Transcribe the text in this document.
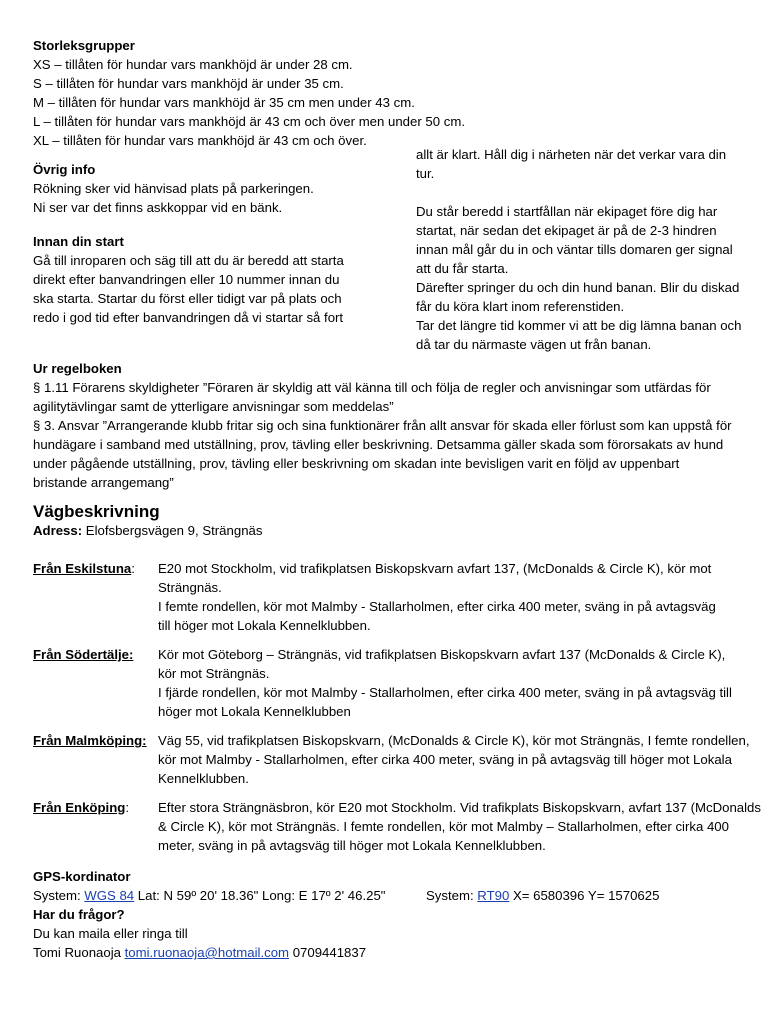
Storleksgrupper

XS – tillåten för hundar vars mankhöjd är under 28 cm.

S – tillåten för hundar vars mankhöjd är under 35 cm.

M – tillåten för hundar vars mankhöjd är 35 cm men under 43 cm.

L – tillåten för hundar vars mankhöjd är 43 cm och över men under 50 cm.

XL – tillåten för hundar vars mankhöjd är 43 cm och över.

Övrig info

Rökning sker vid hänvisad plats på parkeringen.

Ni ser var det finns askkoppar vid en bänk.

Innan din start

Gå till inroparen och säg till att du är beredd att starta

direkt efter banvandringen eller 10 nummer innan du

ska starta. Startar du först eller tidigt var på plats och

redo i god tid efter banvandringen då vi startar så fort

allt är klart. Håll dig i närheten när det verkar vara din

tur.

Du står beredd i startfållan när ekipaget före dig har

startat, när sedan det ekipaget är på de 2-3 hindren

innan mål går du in och väntar tills domaren ger signal

att du får starta.

Därefter springer du och din hund banan. Blir du diskad

får du köra klart inom referenstiden.

Tar det längre tid kommer vi att be dig lämna banan och

då tar du närmaste vägen ut från banan.

Ur regelboken

§ 1.11 Förarens skyldigheter ”Föraren är skyldig att väl känna till och följa de regler och anvisningar som utfärdas för

agilitytävlingar samt de ytterligare anvisningar som meddelas”

§ 3. Ansvar ”Arrangerande klubb fritar sig och sina funktionärer från allt ansvar för skada eller förlust som kan uppstå för

hundägare i samband med utställning, prov, tävling eller beskrivning. Detsamma gäller skada som förorsakats av hund

under pågående utställning, prov, tävling eller beskrivning om skadan inte bevisligen varit en följd av uppenbart

bristande arrangemang”

Vägbeskrivning

Adress: Elofsbergsvägen 9, Strängnäs

Från Eskilstuna: E20 mot Stockholm, vid trafikplatsen Biskopskvarn avfart 137, (McDonalds & Circle K), kör mot

Strängnäs.

I femte rondellen, kör mot Malmby - Stallarholmen, efter cirka 400 meter, sväng in på avtagsväg

till höger mot Lokala Kennelklubben.

Från Södertälje: Kör mot Göteborg – Strängnäs, vid trafikplatsen Biskopskvarn avfart 137 (McDonalds & Circle K),

kör mot Strängnäs.

I fjärde rondellen, kör mot Malmby - Stallarholmen, efter cirka 400 meter, sväng in på avtagsväg till

höger mot Lokala Kennelklubben

Från Malmköping: Väg 55, vid trafikplatsen Biskopskvarn, (McDonalds & Circle K), kör mot Strängnäs, I femte rondellen,

kör mot Malmby - Stallarholmen, efter cirka 400 meter, sväng in på avtagsväg till höger mot Lokala

Kennelklubben.

Från Enköping: Efter stora Strängnäsbron, kör E20 mot Stockholm. Vid trafikplats Biskopskvarn, avfart 137 (McDonalds

& Circle K), kör mot Strängnäs. I femte rondellen, kör mot Malmby – Stallarholmen, efter cirka 400

meter, sväng in på avtagsväg till höger mot Lokala Kennelklubben.

GPS-kordinator

System: WGS 84 Lat: N 59º 20' 18.36" Long: E 17º 2' 46.25"	System: RT90 X= 6580396 Y= 1570625

Har du frågor?

Du kan maila eller ringa till

Tomi Ruonaoja tomi.ruonaoja@hotmail.com 0709441837
